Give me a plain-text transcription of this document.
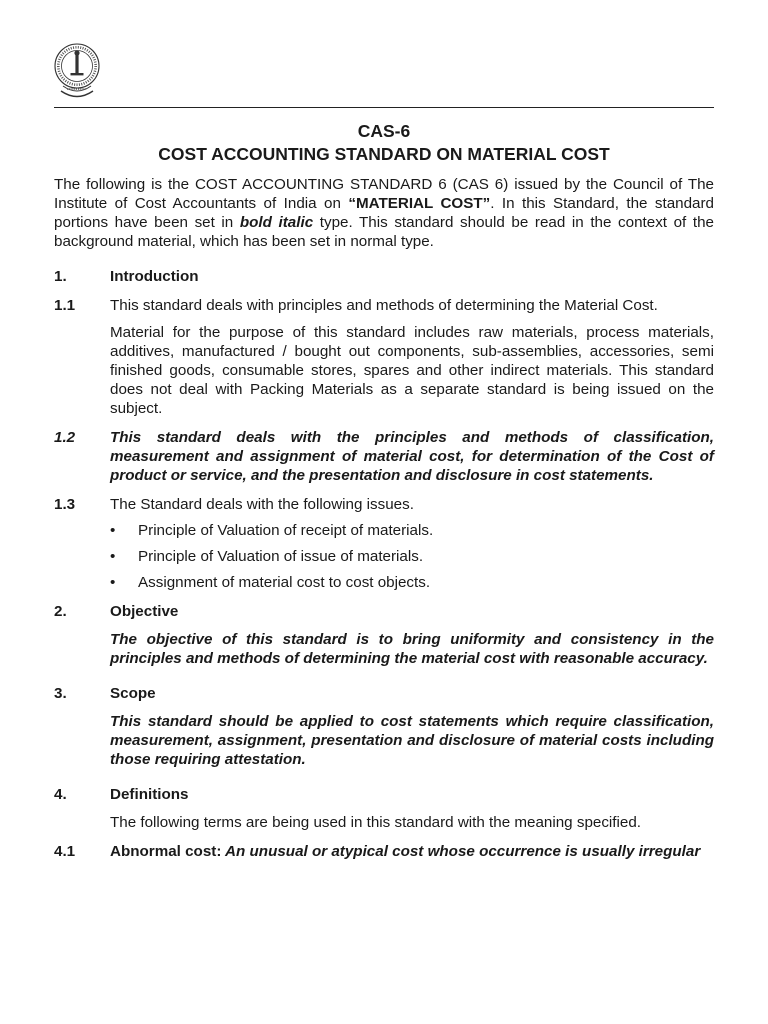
CAS-6
COST ACCOUNTING STANDARD ON MATERIAL COST
The following is the COST ACCOUNTING STANDARD 6 (CAS 6) issued by the Council of The Institute of Cost Accountants of India on “MATERIAL COST”. In this Standard, the standard portions have been set in bold italic type. This standard should be read in the context of the background material, which has been set in normal type.
1.	Introduction
1.1	This standard deals with principles and methods of determining the Material Cost.
Material for the purpose of this standard includes raw materials, process materials, additives, manufactured / bought out components, sub-assemblies, accessories, semi finished goods, consumable stores, spares and other indirect materials. This standard does not deal with Packing Materials as a separate standard is being issued on the subject.
1.2	This standard deals with the principles and methods of classification, measurement and assignment of material cost, for determination of the Cost of product or service, and the presentation and disclosure in cost statements.
1.3	The Standard deals with the following issues.
•	Principle of Valuation of receipt of materials.
•	Principle of Valuation of issue of materials.
•	Assignment of material cost to cost objects.
2.	Objective
The objective of this standard is to bring uniformity and consistency in the principles and methods of determining the material cost with reasonable accuracy.
3.	Scope
This standard should be applied to cost statements which require classification, measurement, assignment, presentation and disclosure of material costs including those requiring attestation.
4.	Definitions
The following terms are being used in this standard with the meaning specified.
4.1	Abnormal cost: An unusual or atypical cost whose occurrence is usually irregular
